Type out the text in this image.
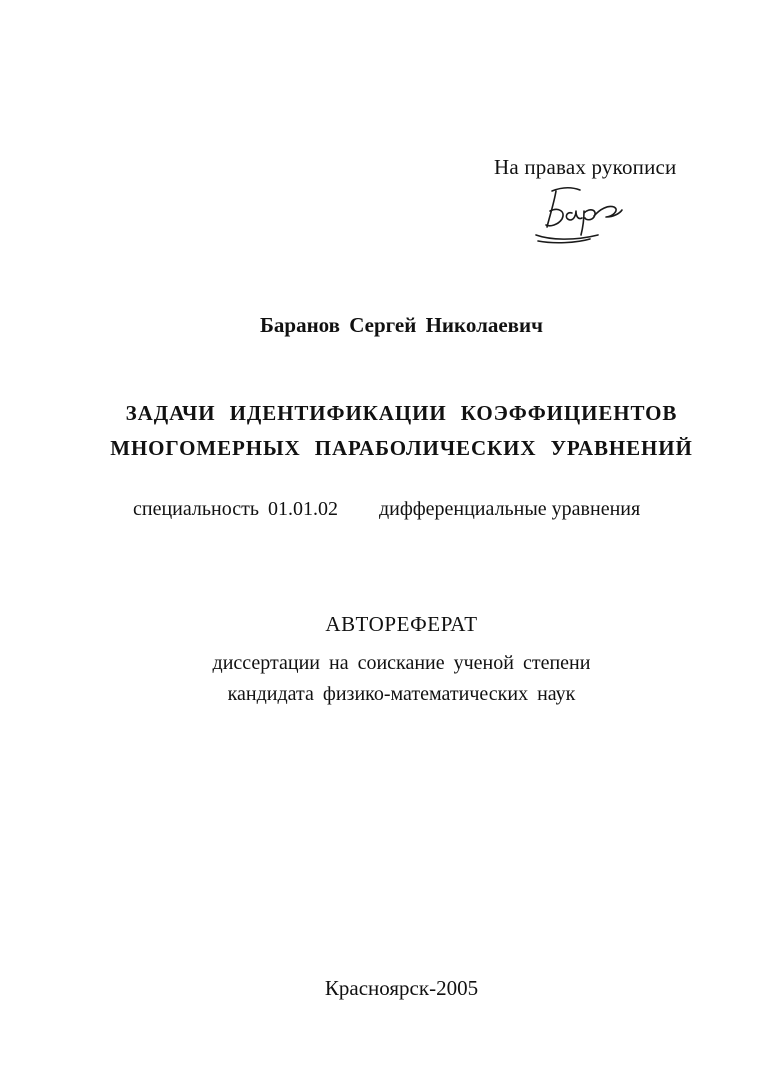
На правах рукописи
Баранов Сергей Николаевич
ЗАДАЧИ ИДЕНТИФИКАЦИИ КОЭФФИЦИЕНТОВ
МНОГОМЕРНЫХ ПАРАБОЛИЧЕСКИХ УРАВНЕНИЙ
специальность 01.01.02 дифференциальные уравнения
АВТОРЕФЕРАТ
диссертации на соискание ученой степени
кандидата физико-математических наук
Красноярск-2005
